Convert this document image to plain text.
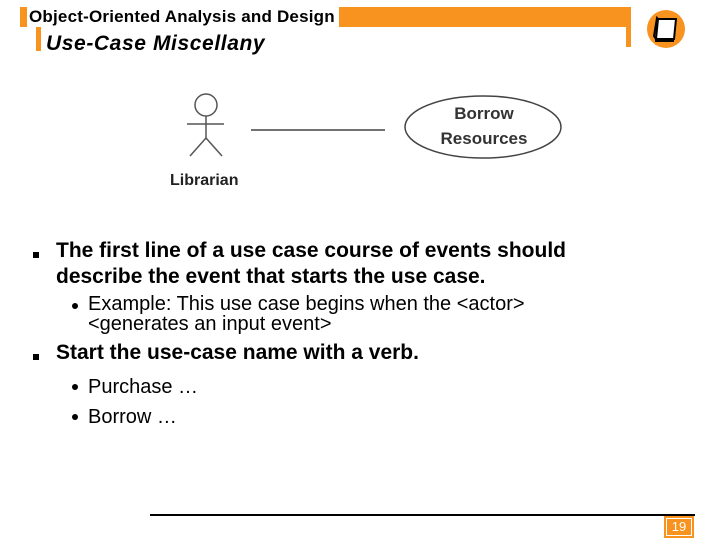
Object-Oriented Analysis and Design
Use-Case Miscellany
Librarian
Borrow
Resources
The first line of a use case course of events should
describe the event that starts the use case.
Example: This use case begins when the <actor>
<generates an input event>
Start the use-case name with a verb.
Purchase …
Borrow …
19
